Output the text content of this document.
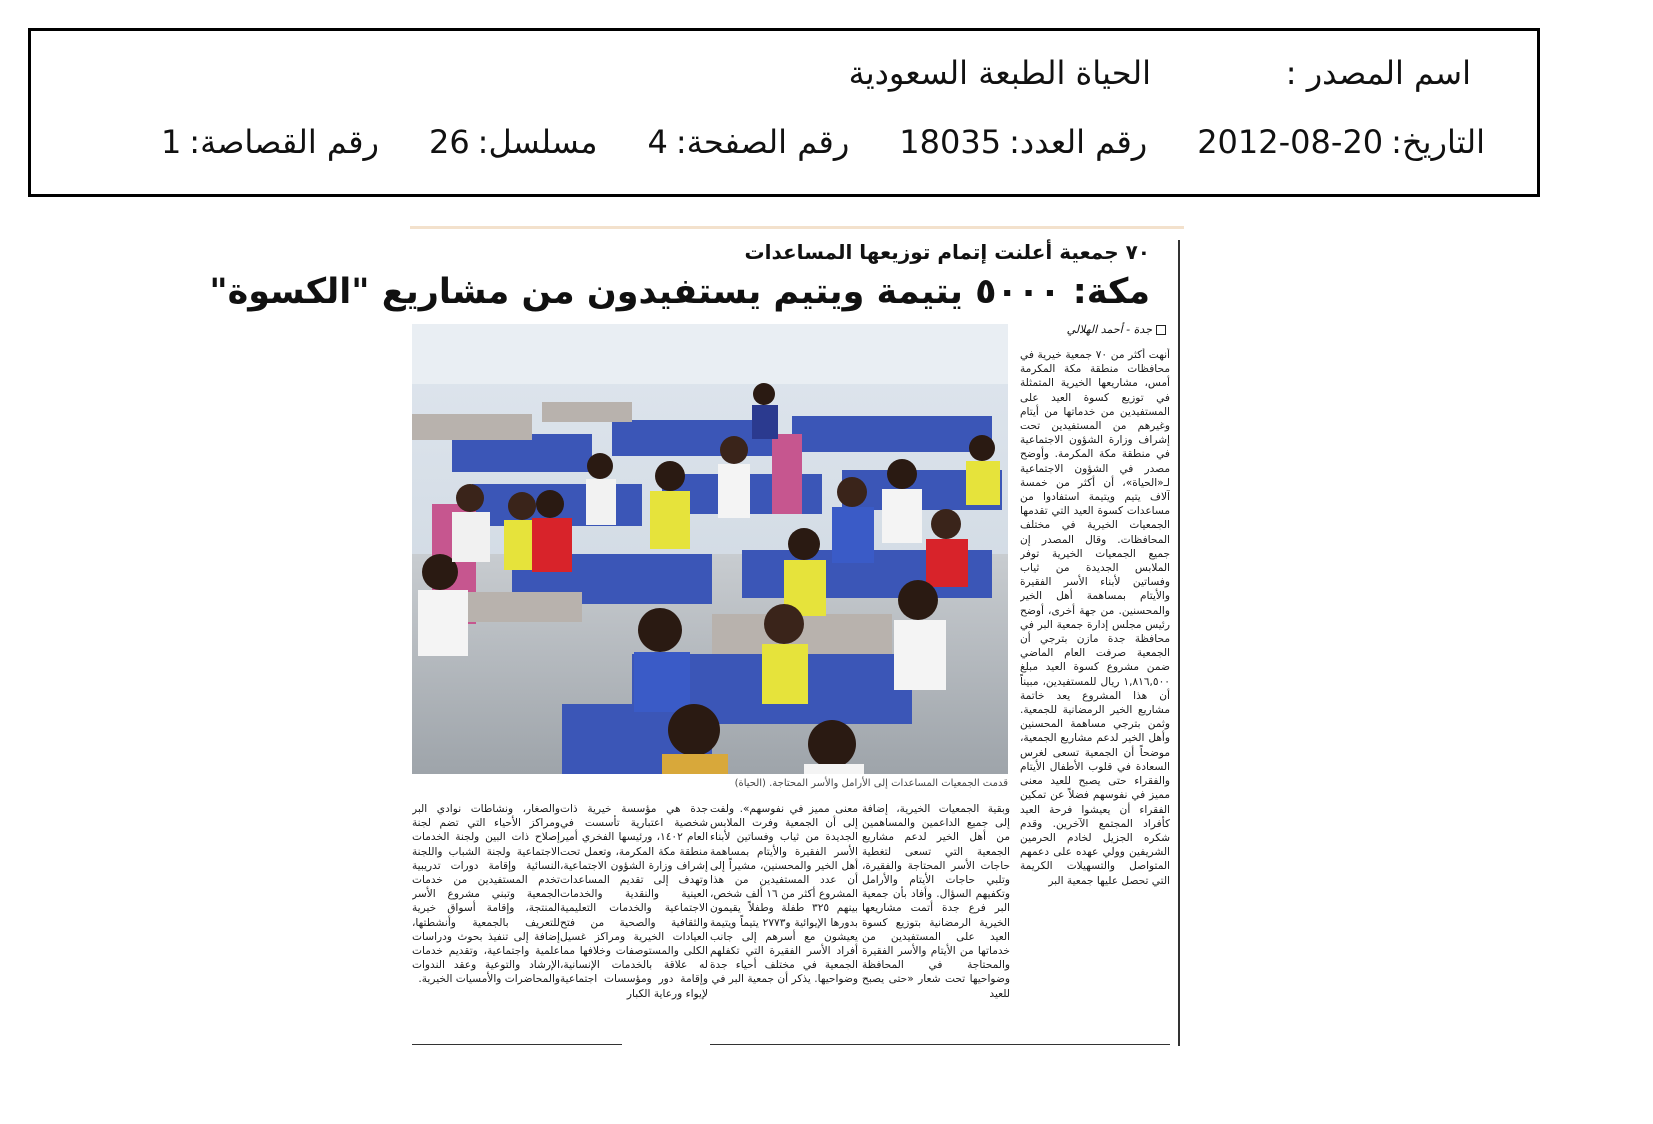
اسم المصدر :
الحياة الطبعة السعودية
التاريخ:
2012-08-20
رقم العدد:
18035
رقم الصفحة:
4
مسلسل:
26
رقم القصاصة:
1
٧٠ جمعية أعلنت إتمام توزيعها المساعدات
مكة: ٥٠٠٠ يتيمة ويتيم يستفيدون من مشاريع "الكسوة"
جدة - أحمد الهلالي
قدمت الجمعيات المساعدات إلى الأرامل والأسر المحتاجة. (الحياة)

أنهت أكثر من ٧٠ جمعية خيرية في محافظات منطقة مكة المكرمة أمس، مشاريعها الخيرية المتمثلة في توزيع كسوة العيد على المستفيدين من خدماتها من أيتام وغيرهم من المستفيدين تحت إشراف وزارة الشؤون الاجتماعية في منطقة مكة المكرمة. وأوضح مصدر في الشؤون الاجتماعية لـ«الحياة»، أن أكثر من خمسة آلاف يتيم ويتيمة استفادوا من مساعدات كسوة العيد التي تقدمها الجمعيات الخيرية في مختلف المحافظات. وقال المصدر إن جميع الجمعيات الخيرية توفر الملابس الجديدة من ثياب وفساتين لأبناء الأسر الفقيرة والأيتام بمساهمة أهل الخير والمحسنين. من جهة أخرى، أوضح رئيس مجلس إدارة جمعية البر في محافظة جدة مازن بترجي أن الجمعية صرفت العام الماضي ضمن مشروع كسوة العيد مبلغ ١,٨١٦,٥٠٠ ريال للمستفيدين، مبيناً أن هذا المشروع يعد خاتمة مشاريع الخير الرمضانية للجمعية. وثمن بترجي مساهمة المحسنين وأهل الخير لدعم مشاريع الجمعية، موضحاً أن الجمعية تسعى لغرس السعادة في قلوب الأطفال الأيتام والفقراء حتى يصبح للعيد معنى مميز في نفوسهم فضلاً عن تمكين الفقراء أن يعيشوا فرحة العيد كأفراد المجتمع الآخرين. وقدم شكره الجزيل لخادم الحرمين الشريفين وولي عهده على دعمهم المتواصل والتسهيلات الكريمة التي تحصل عليها جمعية البر

وبقية الجمعيات الخيرية، إضافة إلى جميع الداعمين والمساهمين من أهل الخير لدعم مشاريع الجمعية التي تسعى لتغطية حاجات الأسر المحتاجة والفقيرة، وتلبي حاجات الأيتام والأرامل وتكفيهم السؤال. وأفاد بأن جمعية البر فرع جدة أتمت مشاريعها الخيرية الرمضانية بتوزيع كسوة العيد على المستفيدين من خدماتها من الأيتام والأسر الفقيرة والمحتاجة في المحافظة وضواحيها تحت شعار «حتى يصبح للعيد

معنى مميز في نفوسهم». ولفت إلى أن الجمعية وفرت الملابس الجديدة من ثياب وفساتين لأبناء الأسر الفقيرة والأيتام بمساهمة أهل الخير والمحسنين، مشيراً إلى أن عدد المستفيدين من هذا المشروع أكثر من ١٦ ألف شخص، بينهم ٣٢٥ طفلة وطفلاً يقيمون بدورها الإيوائية و٢٧٧٣ يتيماً ويتيمة يعيشون مع أسرهم إلى جانب أفراد الأسر الفقيرة التي تكفلهم الجمعية في مختلف أحياء جدة وضواحيها. يذكر أن جمعية البر في

جدة هي مؤسسة خيرية ذات شخصية اعتبارية تأسست في العام ١٤٠٢، ورئيسها الفخري أمير منطقة مكة المكرمة، وتعمل تحت إشراف وزارة الشؤون الاجتماعية، وتهدف إلى تقديم المساعدات العينية والنقدية والخدمات الاجتماعية والخدمات التعليمية والثقافية والصحية من فتح العيادات الخيرية ومراكز غسيل الكلى والمستوصفات وخلافها مما له علاقة بالخدمات الإنسانية، وإقامة دور ومؤسسات اجتماعية لإيواء ورعاية الكبار

والصغار، ونشاطات نوادي البر ومراكز الأحياء التي تضم لجنة إصلاح ذات البين ولجنة الخدمات الاجتماعية ولجنة الشباب واللجنة النسائية وإقامة دورات تدريبية تخدم المستفيدين من خدمات الجمعية وتبني مشروع الأسر المنتجة، وإقامة أسواق خيرية للتعريف بالجمعية وأنشطتها، إضافة إلى تنفيذ بحوث ودراسات علمية واجتماعية، وتقديم خدمات الإرشاد والتوعية وعقد الندوات والمحاضرات والأمسيات الخيرية.
